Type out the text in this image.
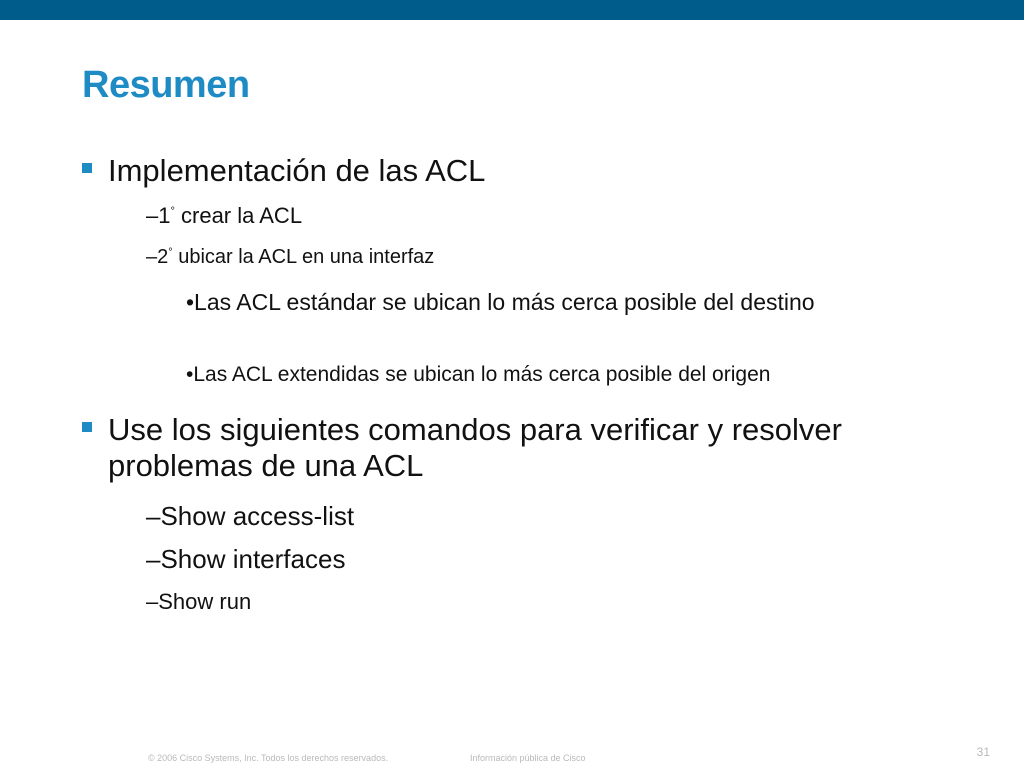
Resumen
Implementación de las ACL
–1° crear la ACL
–2° ubicar la ACL en una interfaz
•Las ACL estándar se ubican lo más cerca posible del destino
•Las ACL extendidas se ubican lo más cerca posible del origen
Use los siguientes comandos para verificar y resolver problemas de una ACL
–Show access-list
–Show interfaces
–Show run
© 2006 Cisco Systems, Inc. Todos los derechos reservados.	Información pública de Cisco	31
